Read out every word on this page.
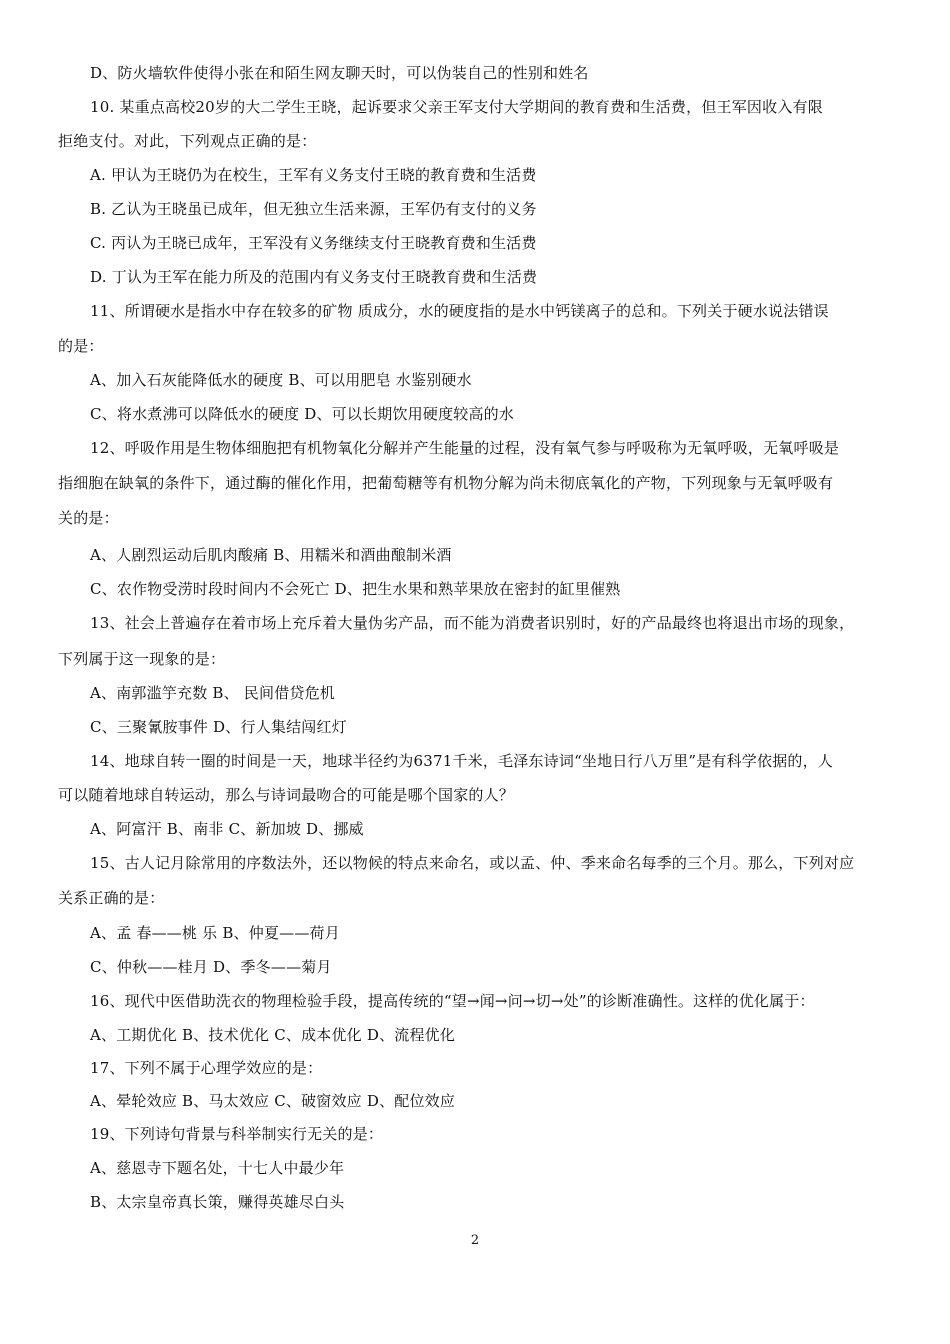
D、防火墙软件使得小张在和陌生网友聊天时，可以伪装自己的性别和姓名
10. 某重点高校20岁的大二学生王晓，起诉要求父亲王军支付大学期间的教育费和生活费，但王军因收入有限
拒绝支付。对此，下列观点正确的是：
A. 甲认为王晓仍为在校生，王军有义务支付王晓的教育费和生活费
B. 乙认为王晓虽已成年，但无独立生活来源，王军仍有支付的义务
C. 丙认为王晓已成年，王军没有义务继续支付王晓教育费和生活费
D. 丁认为王军在能力所及的范围内有义务支付王晓教育费和生活费
11、所谓硬水是指水中存在较多的矿物 质成分，水的硬度指的是水中钙镁离子的总和。下列关于硬水说法错误
的是：
A、加入石灰能降低水的硬度 B、可以用肥皂 水鉴别硬水
C、将水煮沸可以降低水的硬度 D、可以长期饮用硬度较高的水
12、呼吸作用是生物体细胞把有机物氧化分解并产生能量的过程，没有氧气参与呼吸称为无氧呼吸，无氧呼吸是
指细胞在缺氧的条件下，通过酶的催化作用，把葡萄糖等有机物分解为尚未彻底氧化的产物，下列现象与无氧呼吸有
关的是：
A、人剧烈运动后肌肉酸痛 B、用糯米和酒曲酿制米酒
C、农作物受涝时段时间内不会死亡 D、把生水果和熟苹果放在密封的缸里催熟
13、社会上普遍存在着市场上充斥着大量伪劣产品，而不能为消费者识别时，好的产品最终也将退出市场的现象，
下列属于这一现象的是：
A、南郭滥竽充数 B、 民间借贷危机
C、三聚氰胺事件 D、行人集结闯红灯
14、地球自转一圈的时间是一天，地球半径约为6371千米，毛泽东诗词“坐地日行八万里”是有科学依据的，人
可以随着地球自转运动，那么与诗词最吻合的可能是哪个国家的人？
A、阿富汗 B、南非 C、新加坡 D、挪威
15、古人记月除常用的序数法外，还以物候的特点来命名，或以孟、仲、季来命名每季的三个月。那么，下列对应
关系正确的是：
A、孟 春——桃 乐 B、仲夏——荷月
C、仲秋——桂月 D、季冬——菊月
16、现代中医借助洗衣的物理检验手段，提高传统的“望→闻→问→切→处”的诊断准确性。这样的优化属于：
A、工期优化 B、技术优化 C、成本优化 D、流程优化
17、下列不属于心理学效应的是：
A、晕轮效应 B、马太效应 C、破窗效应 D、配位效应
19、下列诗句背景与科举制实行无关的是：
A、慈恩寺下题名处，十七人中最少年
B、太宗皇帝真长策，赚得英雄尽白头
2
